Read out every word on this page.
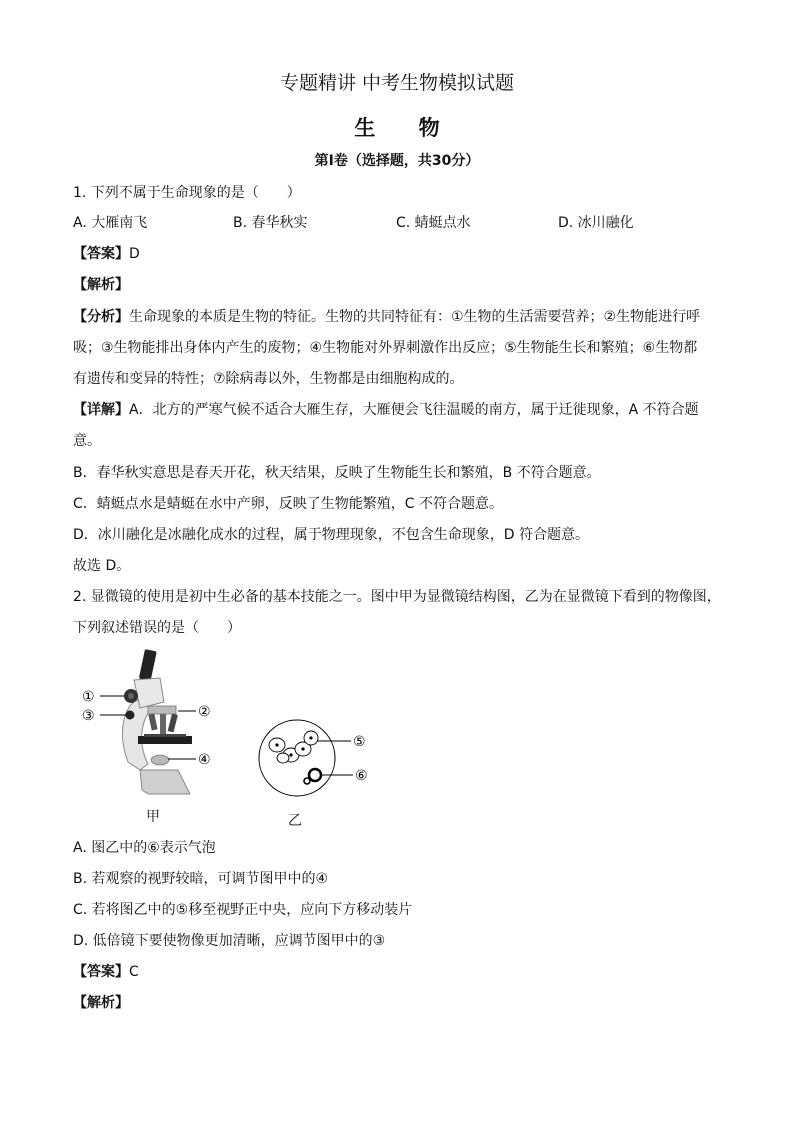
专题精讲 中考生物模拟试题
生 物
第Ⅰ卷（选择题，共30分）
1. 下列不属于生命现象的是（　　）
A. 大雁南飞	B. 春华秋实	C. 蜻蜓点水	D. 冰川融化
【答案】D
【解析】
【分析】生命现象的本质是生物的特征。生物的共同特征有：①生物的生活需要营养；②生物能进行呼
吸；③生物能排出身体内产生的废物；④生物能对外界刺激作出反应；⑤生物能生长和繁殖；⑥生物都
有遗传和变异的特性；⑦除病毒以外，生物都是由细胞构成的。
【详解】A．北方的严寒气候不适合大雁生存，大雁便会飞往温暖的南方，属于迁徙现象，A 不符合题
意。
B．春华秋实意思是春天开花，秋天结果，反映了生物能生长和繁殖，B 不符合题意。
C．蜻蜓点水是蜻蜓在水中产卵，反映了生物能繁殖，C 不符合题意。
D．冰川融化是冰融化成水的过程，属于物理现象，不包含生命现象，D 符合题意。
故选 D。
2. 显微镜的使用是初中生必备的基本技能之一。图中甲为显微镜结构图，乙为在显微镜下看到的物像图，
下列叙述错误的是（　　）
①
③	②
④
甲
⑤
⑥
乙
A. 图乙中的⑥表示气泡
B. 若观察的视野较暗，可调节图甲中的④
C. 若将图乙中的⑤移至视野正中央，应向下方移动装片
D. 低倍镜下要使物像更加清晰，应调节图甲中的③
【答案】C
【解析】
